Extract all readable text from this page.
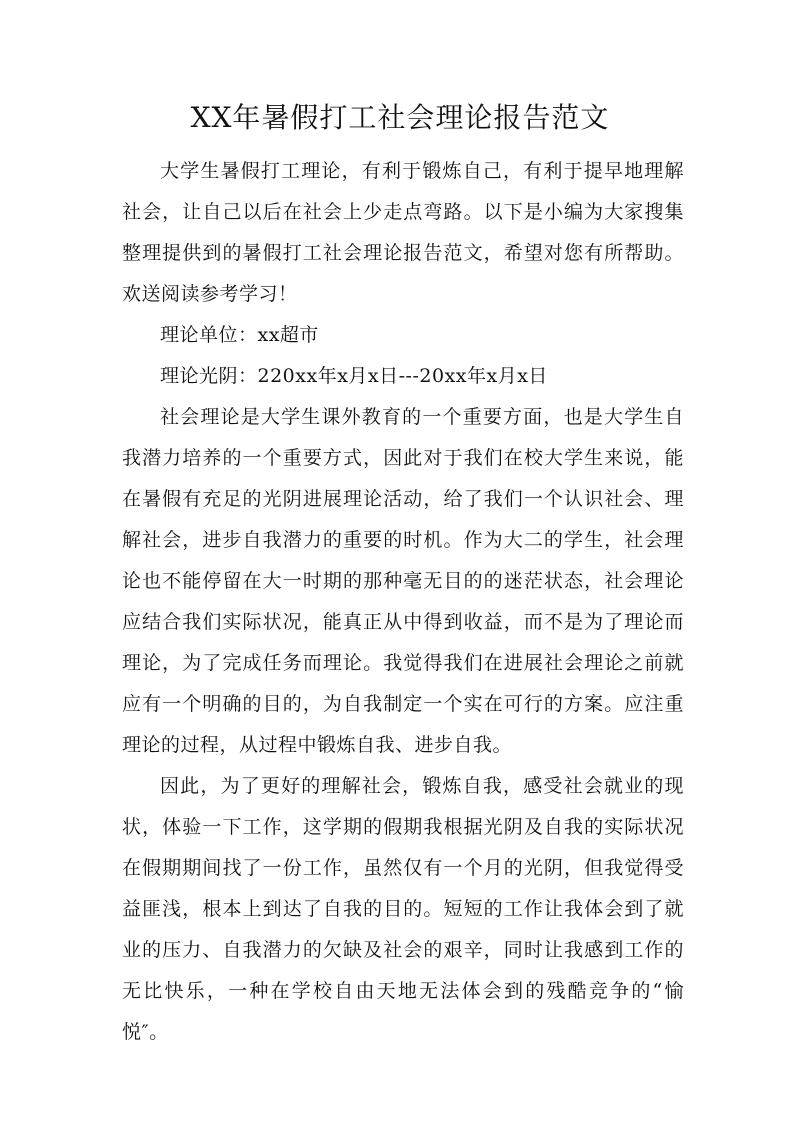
XX年暑假打工社会理论报告范文

大学生暑假打工理论，有利于锻炼自己，有利于提早地理解社会，让自己以后在社会上少走点弯路。以下是小编为大家搜集整理提供到的暑假打工社会理论报告范文，希望对您有所帮助。欢送阅读参考学习！

理论单位：xx超市

理论光阴：220xx年x月x日---20xx年x月x日

社会理论是大学生课外教育的一个重要方面，也是大学生自我潜力培养的一个重要方式，因此对于我们在校大学生来说，能在暑假有充足的光阴进展理论活动，给了我们一个认识社会、理解社会，进步自我潜力的重要的时机。作为大二的学生，社会理论也不能停留在大一时期的那种毫无目的的迷茫状态，社会理论应结合我们实际状况，能真正从中得到收益，而不是为了理论而理论，为了完成任务而理论。我觉得我们在进展社会理论之前就应有一个明确的目的，为自我制定一个实在可行的方案。应注重理论的过程，从过程中锻炼自我、进步自我。

因此，为了更好的理解社会，锻炼自我，感受社会就业的现状，体验一下工作，这学期的假期我根据光阴及自我的实际状况在假期期间找了一份工作，虽然仅有一个月的光阴，但我觉得受益匪浅，根本上到达了自我的目的。短短的工作让我体会到了就业的压力、自我潜力的欠缺及社会的艰辛，同时让我感到工作的无比快乐，一种在学校自由天地无法体会到的残酷竞争的“愉悦″。
